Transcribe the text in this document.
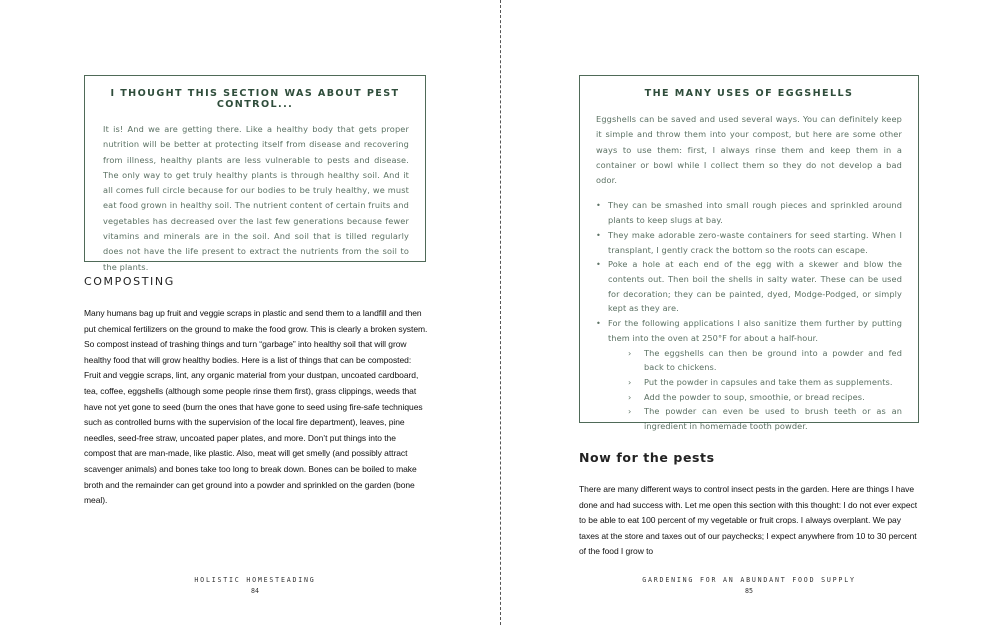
I THOUGHT THIS SECTION WAS ABOUT PEST CONTROL...
It is! And we are getting there. Like a healthy body that gets proper nutrition will be better at protecting itself from disease and recovering from illness, healthy plants are less vulnerable to pests and disease. The only way to get truly healthy plants is through healthy soil. And it all comes full circle because for our bodies to be truly healthy, we must eat food grown in healthy soil. The nutrient content of certain fruits and vegetables has decreased over the last few generations because fewer vitamins and minerals are in the soil. And soil that is tilled regularly does not have the life present to extract the nutrients from the soil to the plants.
COMPOSTING
Many humans bag up fruit and veggie scraps in plastic and send them to a landfill and then put chemical fertilizers on the ground to make the food grow. This is clearly a broken system. So compost instead of trashing things and turn “garbage” into healthy soil that will grow healthy food that will grow healthy bodies. Here is a list of things that can be composted: Fruit and veggie scraps, lint, any organic material from your dustpan, uncoated cardboard, tea, coffee, eggshells (although some people rinse them first), grass clippings, weeds that have not yet gone to seed (burn the ones that have gone to seed using fire-safe techniques such as controlled burns with the supervision of the local fire department), leaves, pine needles, seed-free straw, uncoated paper plates, and more. Don’t put things into the compost that are man-made, like plastic. Also, meat will get smelly (and possibly attract scavenger animals) and bones take too long to break down. Bones can be boiled to make broth and the remainder can get ground into a powder and sprinkled on the garden (bone meal).
HOLISTIC HOMESTEADING
84
THE MANY USES OF EGGSHELLS
Eggshells can be saved and used several ways. You can definitely keep it simple and throw them into your compost, but here are some other ways to use them: first, I always rinse them and keep them in a container or bowl while I collect them so they do not develop a bad odor.
• They can be smashed into small rough pieces and sprinkled around plants to keep slugs at bay.
• They make adorable zero-waste containers for seed starting. When I transplant, I gently crack the bottom so the roots can escape.
• Poke a hole at each end of the egg with a skewer and blow the contents out. Then boil the shells in salty water. These can be used for decoration; they can be painted, dyed, Modge-Podged, or simply kept as they are.
• For the following applications I also sanitize them further by putting them into the oven at 250°F for about a half-hour.
› The eggshells can then be ground into a powder and fed back to chickens.
› Put the powder in capsules and take them as supplements.
› Add the powder to soup, smoothie, or bread recipes.
› The powder can even be used to brush teeth or as an ingredient in homemade tooth powder.
Now for the pests
There are many different ways to control insect pests in the garden. Here are things I have done and had success with. Let me open this section with this thought: I do not ever expect to be able to eat 100 percent of my vegetable or fruit crops. I always overplant. We pay taxes at the store and taxes out of our paychecks; I expect anywhere from 10 to 30 percent of the food I grow to
GARDENING FOR AN ABUNDANT FOOD SUPPLY
85
